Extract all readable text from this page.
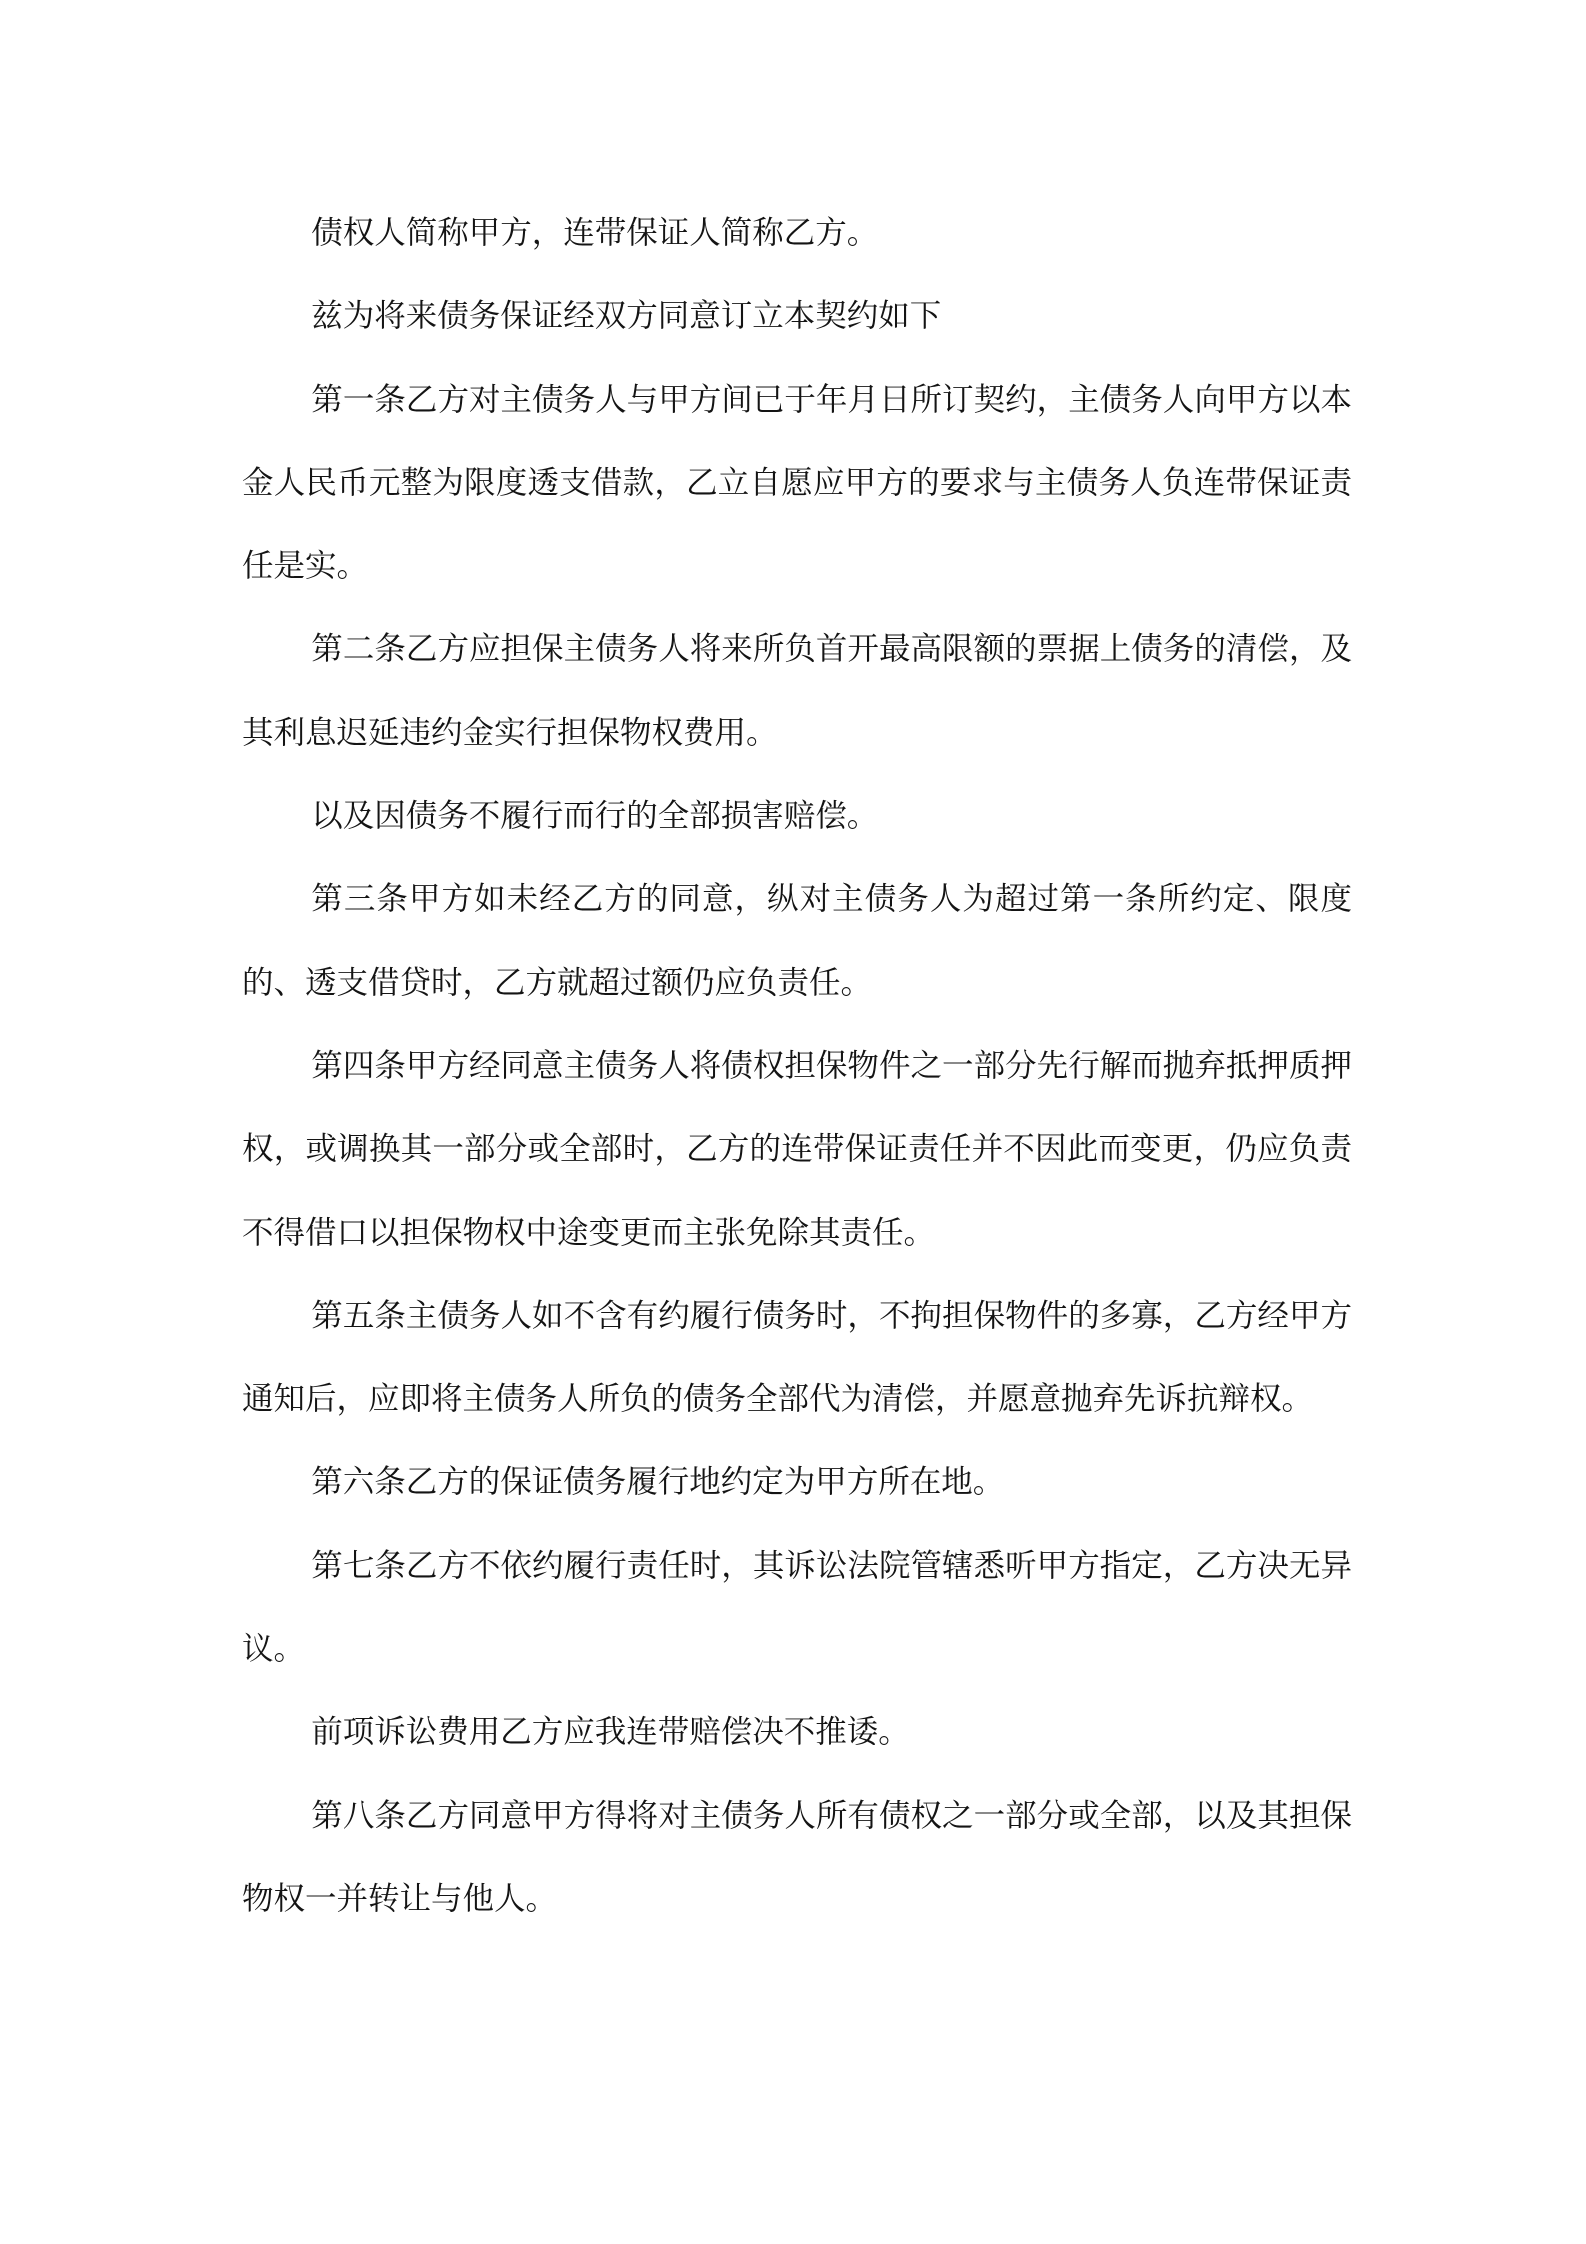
债权人简称甲方，连带保证人简称乙方。

兹为将来债务保证经双方同意订立本契约如下

第一条乙方对主债务人与甲方间已于年月日所订契约，主债务人向甲方以本金人民币元整为限度透支借款，乙立自愿应甲方的要求与主债务人负连带保证责任是实。

第二条乙方应担保主债务人将来所负首开最高限额的票据上债务的清偿，及其利息迟延违约金实行担保物权费用。

以及因债务不履行而行的全部损害赔偿。

第三条甲方如未经乙方的同意，纵对主债务人为超过第一条所约定、限度的、透支借贷时，乙方就超过额仍应负责任。

第四条甲方经同意主债务人将债权担保物件之一部分先行解而抛弃抵押质押权，或调换其一部分或全部时，乙方的连带保证责任并不因此而变更，仍应负责不得借口以担保物权中途变更而主张免除其责任。

第五条主债务人如不含有约履行债务时，不拘担保物件的多寡，乙方经甲方通知后，应即将主债务人所负的债务全部代为清偿，并愿意抛弃先诉抗辩权。

第六条乙方的保证债务履行地约定为甲方所在地。

第七条乙方不依约履行责任时，其诉讼法院管辖悉听甲方指定，乙方决无异议。

前项诉讼费用乙方应我连带赔偿决不推诿。

第八条乙方同意甲方得将对主债务人所有债权之一部分或全部，以及其担保物权一并转让与他人。
